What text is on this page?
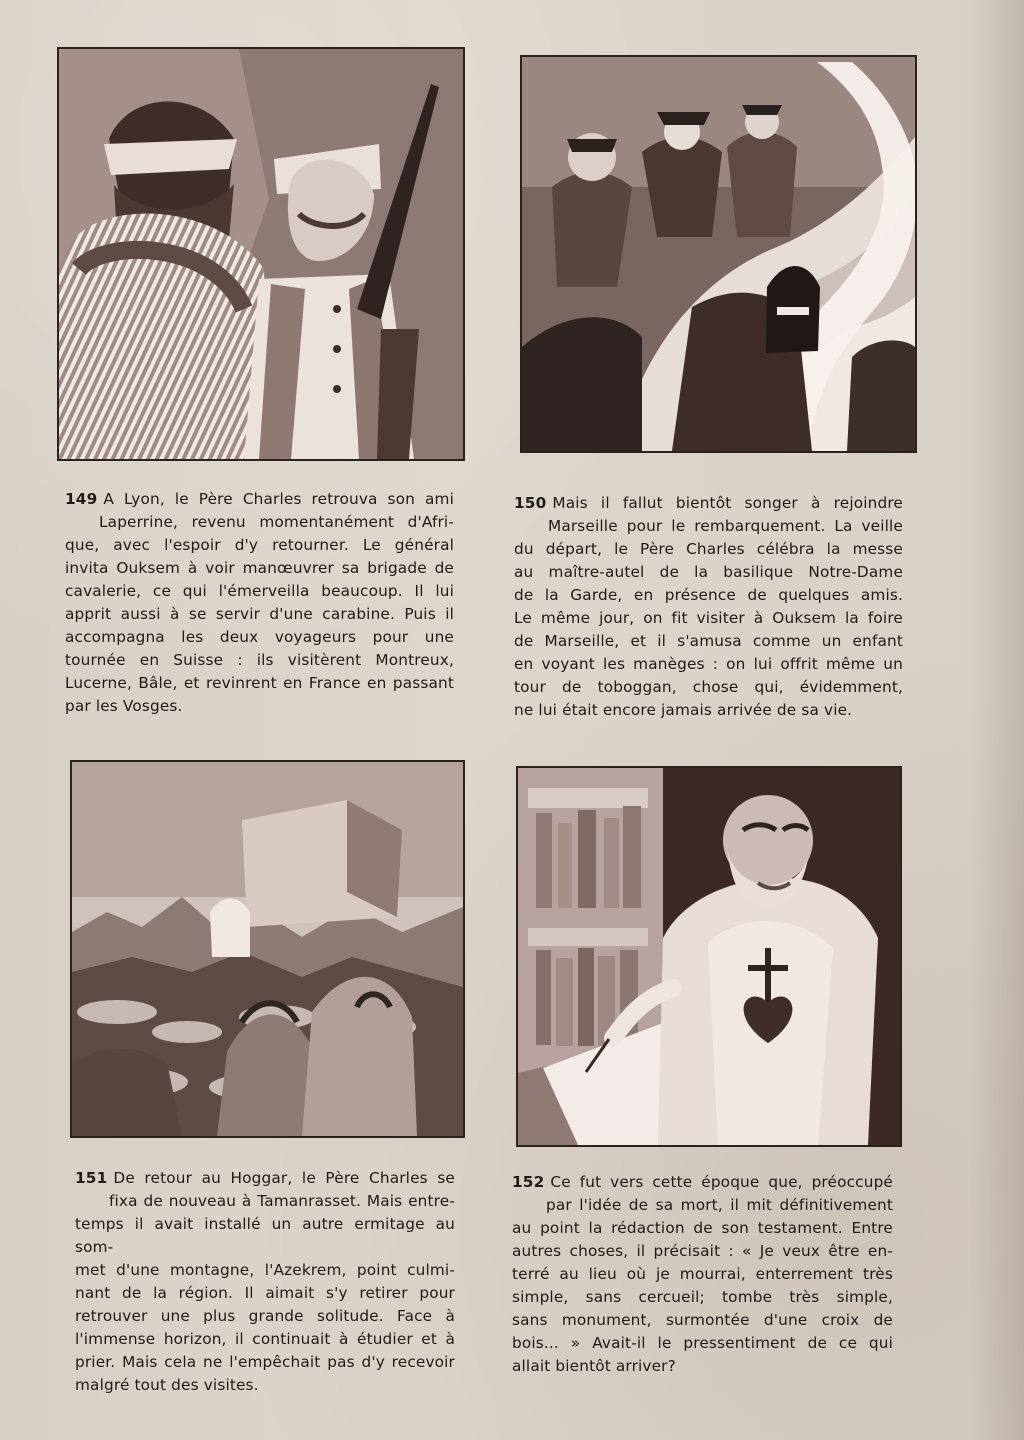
149 A Lyon, le Père Charles retrouva son ami
Laperrine, revenu momentanément d'Afri-
que, avec l'espoir d'y retourner. Le général
invita Ouksem à voir manœuvrer sa brigade de
cavalerie, ce qui l'émerveilla beaucoup. Il lui
apprit aussi à se servir d'une carabine. Puis il
accompagna les deux voyageurs pour une
tournée en Suisse : ils visitèrent Montreux,
Lucerne, Bâle, et revinrent en France en passant
par les Vosges.
150 Mais il fallut bientôt songer à rejoindre
Marseille pour le rembarquement. La veille
du départ, le Père Charles célébra la messe
au maître-autel de la basilique Notre-Dame
de la Garde, en présence de quelques amis.
Le même jour, on fit visiter à Ouksem la foire
de Marseille, et il s'amusa comme un enfant
en voyant les manèges : on lui offrit même un
tour de toboggan, chose qui, évidemment,
ne lui était encore jamais arrivée de sa vie.
151 De retour au Hoggar, le Père Charles se
fixa de nouveau à Tamanrasset. Mais entre-
temps il avait installé un autre ermitage au som-
met d'une montagne, l'Azekrem, point culmi-
nant de la région. Il aimait s'y retirer pour
retrouver une plus grande solitude. Face à
l'immense horizon, il continuait à étudier et à
prier. Mais cela ne l'empêchait pas d'y recevoir
malgré tout des visites.
152 Ce fut vers cette époque que, préoccupé
par l'idée de sa mort, il mit définitivement
au point la rédaction de son testament. Entre
autres choses, il précisait : « Je veux être en-
terré au lieu où je mourrai, enterrement très
simple, sans cercueil; tombe très simple,
sans monument, surmontée d'une croix de
bois... » Avait-il le pressentiment de ce qui
allait bientôt arriver?
